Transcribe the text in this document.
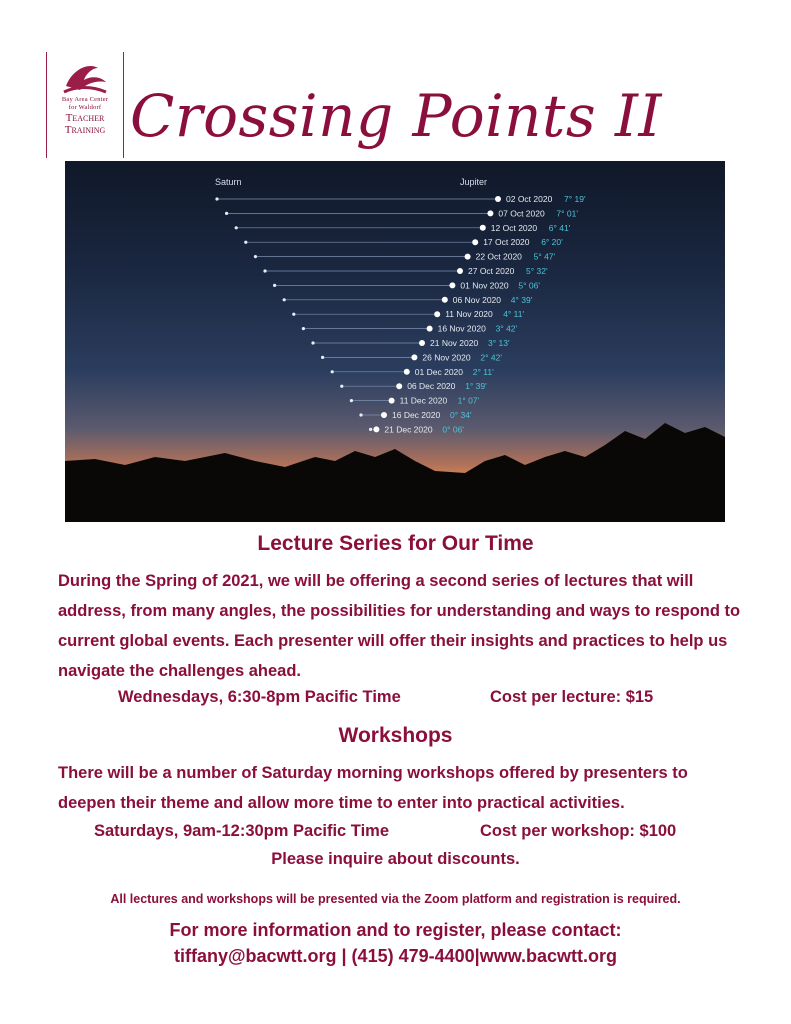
Bay Area Center
for Waldorf
Teacher
Training Crossing Points II
Saturn	Jupiter
02 Oct 2020 7° 19'
07 Oct 2020 7° 01'
12 Oct 2020 6° 41'
17 Oct 2020 6° 20'
22 Oct 2020 5° 47'
27 Oct 2020 5° 32'
01 Nov 2020 5° 06'
06 Nov 2020 4° 39'
11 Nov 2020 4° 11'
16 Nov 2020 3° 42'
21 Nov 2020 3° 13'
26 Nov 2020 2° 42'
01 Dec 2020 2° 11'
06 Dec 2020 1° 39'
11 Dec 2020 1° 07'
16 Dec 2020 0° 34'
21 Dec 2020 0° 06'
Lecture Series for Our Time
During the Spring of 2021, we will be offering a second series of lectures that will address, from many angles, the possibilities for understanding and ways to respond to current global events. Each presenter will offer their insights and practices to help us navigate the challenges ahead.
Wednesdays, 6:30-8pm Pacific Time	Cost per lecture: $15
Workshops
There will be a number of Saturday morning workshops offered by presenters to deepen their theme and allow more time to enter into practical activities.
Saturdays, 9am-12:30pm Pacific Time	Cost per workshop: $100
Please inquire about discounts.
All lectures and workshops will be presented via the Zoom platform and registration is required.
For more information and to register, please contact:
tiffany@bacwtt.org | (415) 479-4400|www.bacwtt.org
